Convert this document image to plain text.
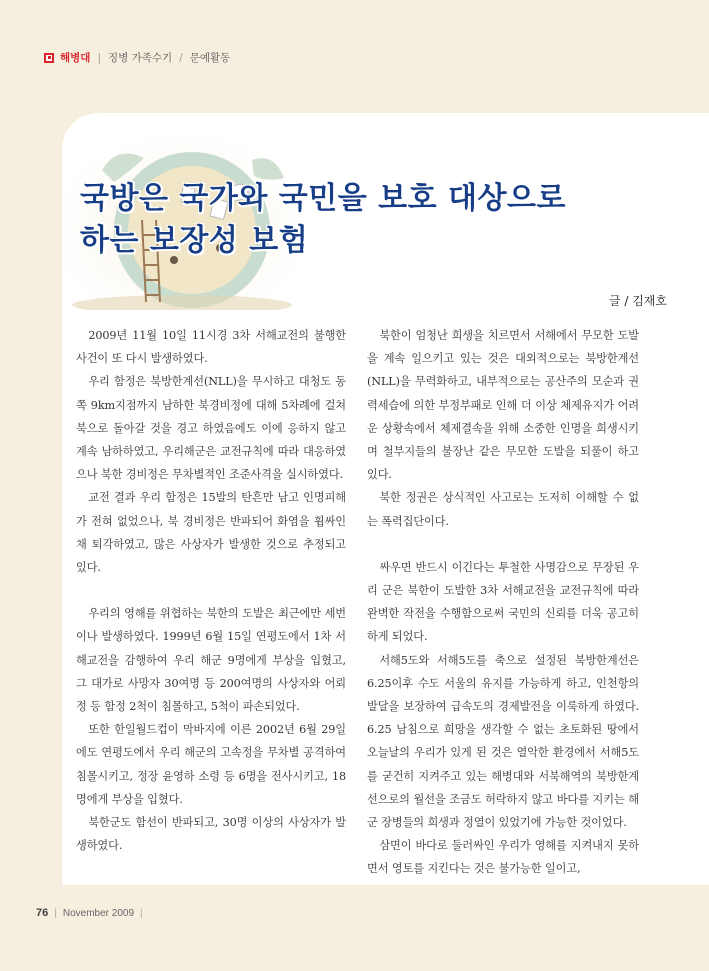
해병대 | 징병 가족수기 / 문예활동
국방은 국가와 국민을 보호 대상으로
하는 보장성 보험
글 / 김재호

2009년 11월 10일 11시경 3차 서해교전의 불행한 사건이 또 다시 발생하였다.

우리 함정은 북방한계선(NLL)을 무시하고 대청도 동쪽 9km지점까지 남하한 북경비정에 대해 5차례에 걸쳐 북으로 돌아갈 것을 경고 하였음에도 이에 응하지 않고 계속 남하하였고, 우리해군은 교전규칙에 따라 대응하였으나 북한 경비정은 무차별적인 조준사격을 실시하였다.

교전 결과 우리 함정은 15발의 탄흔만 남고 인명피해가 전혀 없었으나, 북 경비정은 반파되어 화염을 휩싸인채 퇴각하였고, 많은 사상자가 발생한 것으로 추정되고 있다.

우리의 영해를 위협하는 북한의 도발은 최근에만 세번이나 발생하였다. 1999년 6월 15일 연평도에서 1차 서해교전을 감행하여 우리 해군 9명에게 부상을 입혔고, 그 대가로 사망자 30여명 등 200여명의 사상자와 어뢰정 등 함정 2척이 침몰하고, 5척이 파손되었다.

또한 한일월드컵이 막바지에 이른 2002년 6월 29일에도 연평도에서 우리 해군의 고속정을 무차별 공격하여 침몰시키고, 정장 윤영하 소령 등 6명을 전사시키고, 18명에게 부상을 입혔다.

북한군도 함선이 반파되고, 30명 이상의 사상자가 발생하였다.

북한이 엄청난 희생을 치르면서 서해에서 무모한 도발을 계속 일으키고 있는 것은 대외적으로는 북방한계선(NLL)을 무력화하고, 내부적으로는 공산주의 모순과 권력세습에 의한 부정부패로 인해 더 이상 체제유지가 어려운 상황속에서 체제결속을 위해 소중한 인명을 희생시키며 철부지들의 불장난 같은 무모한 도발을 되풀이 하고 있다.

북한 정권은 상식적인 사고로는 도저히 이해할 수 없는 폭력집단이다.

싸우면 반드시 이긴다는 투철한 사명감으로 무장된 우리 군은 북한이 도발한 3차 서해교전을 교전규칙에 따라 완벽한 작전을 수행함으로써 국민의 신뢰를 더욱 공고히 하게 되었다.

서해5도와 서해5도를 축으로 설정된 북방한계선은 6.25이후 수도 서울의 유지를 가능하게 하고, 인천항의 발달을 보장하여 급속도의 경제발전을 이룩하게 하였다. 6.25 남침으로 희망을 생각할 수 없는 초토화된 땅에서 오늘날의 우리가 있게 된 것은 열악한 환경에서 서해5도를 굳건히 지켜주고 있는 해병대와 서북해역의 북방한계선으로의 월선을 조금도 허락하지 않고 바다를 지키는 해군 장병들의 희생과 정열이 있었기에 가능한 것이었다.

삼면이 바다로 둘러싸인 우리가 영해를 지켜내지 못하면서 영토를 지킨다는 것은 불가능한 일이고,

76 | November 2009 |
